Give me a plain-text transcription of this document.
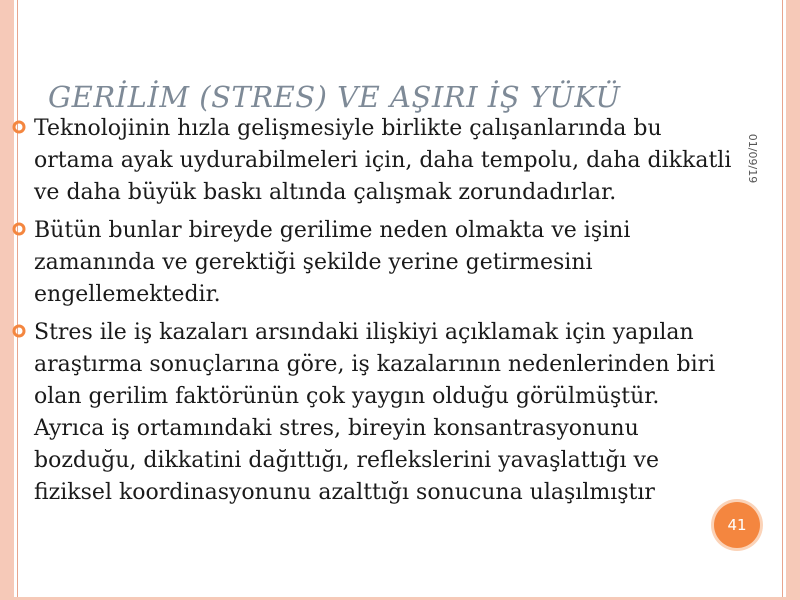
GERİLİM (STRES) VE AŞIRI İŞ YÜKÜ
01/09/19
Teknolojinin hızla gelişmesiyle birlikte çalışanlarında bu ortama ayak uydurabilmeleri için, daha tempolu, daha dikkatli ve daha büyük baskı altında çalışmak zorundadırlar.
Bütün bunlar bireyde gerilime neden olmakta ve işini zamanında ve gerektiği şekilde yerine getirmesini engellemektedir.
Stres ile iş kazaları arsındaki ilişkiyi açıklamak için yapılan araştırma sonuçlarına göre, iş kazalarının nedenlerinden biri olan gerilim faktörünün çok yaygın olduğu görülmüştür. Ayrıca iş ortamındaki stres, bireyin konsantrasyonunu bozduğu, dikkatini dağıttığı, reflekslerini yavaşlattığı ve fiziksel koordinasyonunu azalttığı sonucuna ulaşılmıştır
41
